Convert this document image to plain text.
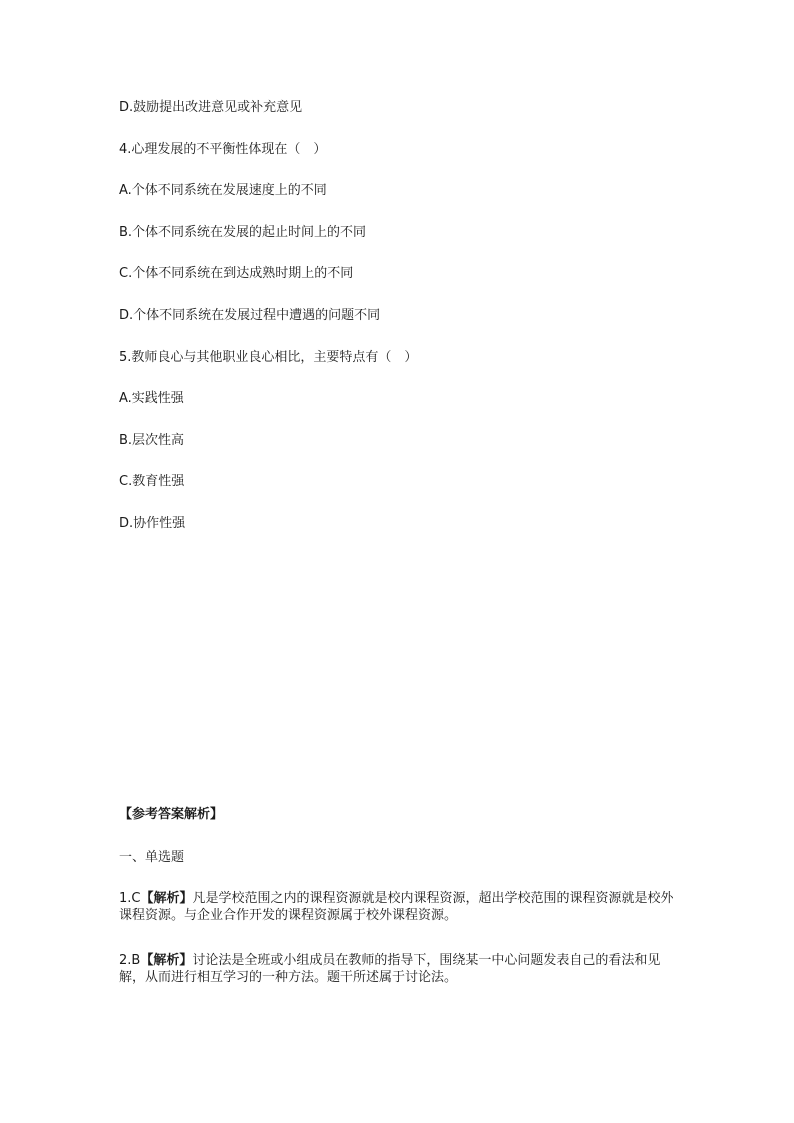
D.鼓励提出改进意见或补充意见
4.心理发展的不平衡性体现在（　）
A.个体不同系统在发展速度上的不同
B.个体不同系统在发展的起止时间上的不同
C.个体不同系统在到达成熟时期上的不同
D.个体不同系统在发展过程中遭遇的问题不同
5.教师良心与其他职业良心相比，主要特点有（　）
A.实践性强
B.层次性高
C.教育性强
D.协作性强
【参考答案解析】
一、单选题
1.C【解析】凡是学校范围之内的课程资源就是校内课程资源，超出学校范围的课程资源就是校外课程资源。与企业合作开发的课程资源属于校外课程资源。
2.B【解析】讨论法是全班或小组成员在教师的指导下，围绕某一中心问题发表自己的看法和见解，从而进行相互学习的一种方法。题干所述属于讨论法。
